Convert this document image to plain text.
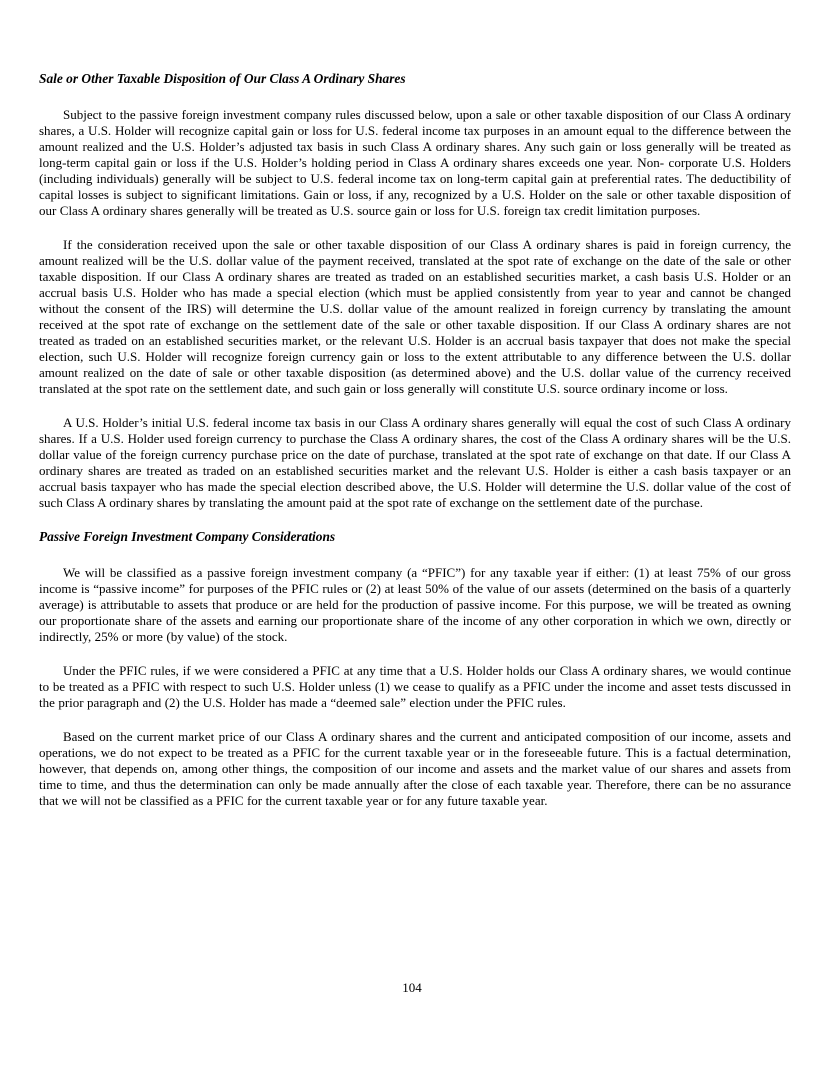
Sale or Other Taxable Disposition of Our Class A Ordinary Shares

Subject to the passive foreign investment company rules discussed below, upon a sale or other taxable disposition of our Class A ordinary shares, a U.S. Holder will recognize capital gain or loss for U.S. federal income tax purposes in an amount equal to the difference between the amount realized and the U.S. Holder’s adjusted tax basis in such Class A ordinary shares. Any such gain or loss generally will be treated as long-term capital gain or loss if the U.S. Holder’s holding period in Class A ordinary shares exceeds one year. Non- corporate U.S. Holders (including individuals) generally will be subject to U.S. federal income tax on long-term capital gain at preferential rates. The deductibility of capital losses is subject to significant limitations. Gain or loss, if any, recognized by a U.S. Holder on the sale or other taxable disposition of our Class A ordinary shares generally will be treated as U.S. source gain or loss for U.S. foreign tax credit limitation purposes.

If the consideration received upon the sale or other taxable disposition of our Class A ordinary shares is paid in foreign currency, the amount realized will be the U.S. dollar value of the payment received, translated at the spot rate of exchange on the date of the sale or other taxable disposition. If our Class A ordinary shares are treated as traded on an established securities market, a cash basis U.S. Holder or an accrual basis U.S. Holder who has made a special election (which must be applied consistently from year to year and cannot be changed without the consent of the IRS) will determine the U.S. dollar value of the amount realized in foreign currency by translating the amount received at the spot rate of exchange on the settlement date of the sale or other taxable disposition. If our Class A ordinary shares are not treated as traded on an established securities market, or the relevant U.S. Holder is an accrual basis taxpayer that does not make the special election, such U.S. Holder will recognize foreign currency gain or loss to the extent attributable to any difference between the U.S. dollar amount realized on the date of sale or other taxable disposition (as determined above) and the U.S. dollar value of the currency received translated at the spot rate on the settlement date, and such gain or loss generally will constitute U.S. source ordinary income or loss.

A U.S. Holder’s initial U.S. federal income tax basis in our Class A ordinary shares generally will equal the cost of such Class A ordinary shares. If a U.S. Holder used foreign currency to purchase the Class A ordinary shares, the cost of the Class A ordinary shares will be the U.S. dollar value of the foreign currency purchase price on the date of purchase, translated at the spot rate of exchange on that date. If our Class A ordinary shares are treated as traded on an established securities market and the relevant U.S. Holder is either a cash basis taxpayer or an accrual basis taxpayer who has made the special election described above, the U.S. Holder will determine the U.S. dollar value of the cost of such Class A ordinary shares by translating the amount paid at the spot rate of exchange on the settlement date of the purchase.

Passive Foreign Investment Company Considerations

We will be classified as a passive foreign investment company (a “PFIC”) for any taxable year if either: (1) at least 75% of our gross income is “passive income” for purposes of the PFIC rules or (2) at least 50% of the value of our assets (determined on the basis of a quarterly average) is attributable to assets that produce or are held for the production of passive income. For this purpose, we will be treated as owning our proportionate share of the assets and earning our proportionate share of the income of any other corporation in which we own, directly or indirectly, 25% or more (by value) of the stock.

Under the PFIC rules, if we were considered a PFIC at any time that a U.S. Holder holds our Class A ordinary shares, we would continue to be treated as a PFIC with respect to such U.S. Holder unless (1) we cease to qualify as a PFIC under the income and asset tests discussed in the prior paragraph and (2) the U.S. Holder has made a “deemed sale” election under the PFIC rules.

Based on the current market price of our Class A ordinary shares and the current and anticipated composition of our income, assets and operations, we do not expect to be treated as a PFIC for the current taxable year or in the foreseeable future. This is a factual determination, however, that depends on, among other things, the composition of our income and assets and the market value of our shares and assets from time to time, and thus the determination can only be made annually after the close of each taxable year. Therefore, there can be no assurance that we will not be classified as a PFIC for the current taxable year or for any future taxable year.

104
